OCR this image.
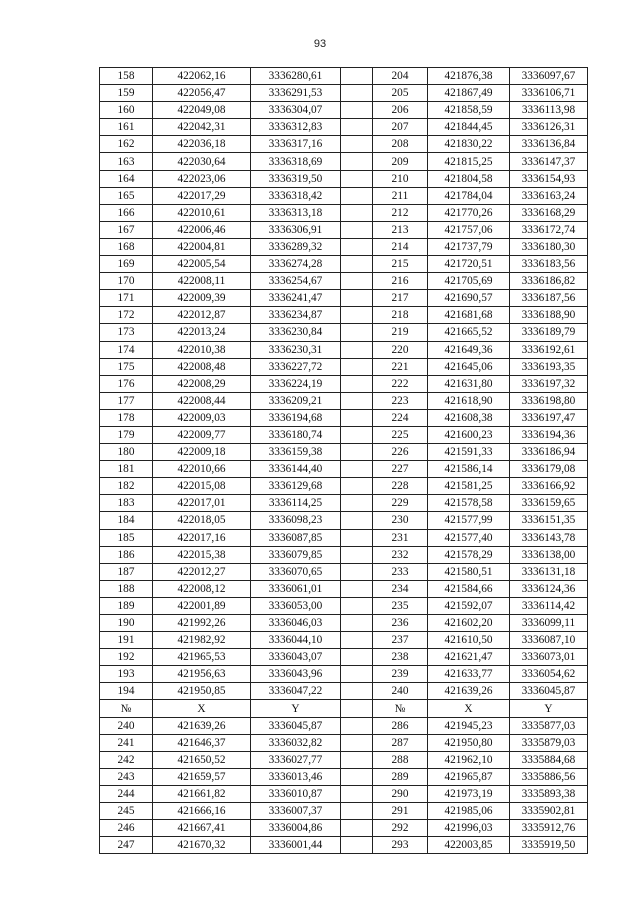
93
158	422062,16	3336280,61		204	421876,38	3336097,67
159	422056,47	3336291,53		205	421867,49	3336106,71
160	422049,08	3336304,07		206	421858,59	3336113,98
161	422042,31	3336312,83		207	421844,45	3336126,31
162	422036,18	3336317,16		208	421830,22	3336136,84
163	422030,64	3336318,69		209	421815,25	3336147,37
164	422023,06	3336319,50		210	421804,58	3336154,93
165	422017,29	3336318,42		211	421784,04	3336163,24
166	422010,61	3336313,18		212	421770,26	3336168,29
167	422006,46	3336306,91		213	421757,06	3336172,74
168	422004,81	3336289,32		214	421737,79	3336180,30
169	422005,54	3336274,28		215	421720,51	3336183,56
170	422008,11	3336254,67		216	421705,69	3336186,82
171	422009,39	3336241,47		217	421690,57	3336187,56
172	422012,87	3336234,87		218	421681,68	3336188,90
173	422013,24	3336230,84		219	421665,52	3336189,79
174	422010,38	3336230,31		220	421649,36	3336192,61
175	422008,48	3336227,72		221	421645,06	3336193,35
176	422008,29	3336224,19		222	421631,80	3336197,32
177	422008,44	3336209,21		223	421618,90	3336198,80
178	422009,03	3336194,68		224	421608,38	3336197,47
179	422009,77	3336180,74		225	421600,23	3336194,36
180	422009,18	3336159,38		226	421591,33	3336186,94
181	422010,66	3336144,40		227	421586,14	3336179,08
182	422015,08	3336129,68		228	421581,25	3336166,92
183	422017,01	3336114,25		229	421578,58	3336159,65
184	422018,05	3336098,23		230	421577,99	3336151,35
185	422017,16	3336087,85		231	421577,40	3336143,78
186	422015,38	3336079,85		232	421578,29	3336138,00
187	422012,27	3336070,65		233	421580,51	3336131,18
188	422008,12	3336061,01		234	421584,66	3336124,36
189	422001,89	3336053,00		235	421592,07	3336114,42
190	421992,26	3336046,03		236	421602,20	3336099,11
191	421982,92	3336044,10		237	421610,50	3336087,10
192	421965,53	3336043,07		238	421621,47	3336073,01
193	421956,63	3336043,96		239	421633,77	3336054,62
194	421950,85	3336047,22		240	421639,26	3336045,87
№	X	Y		№	X	Y
240	421639,26	3336045,87		286	421945,23	3335877,03
241	421646,37	3336032,82		287	421950,80	3335879,03
242	421650,52	3336027,77		288	421962,10	3335884,68
243	421659,57	3336013,46		289	421965,87	3335886,56
244	421661,82	3336010,87		290	421973,19	3335893,38
245	421666,16	3336007,37		291	421985,06	3335902,81
246	421667,41	3336004,86		292	421996,03	3335912,76
247	421670,32	3336001,44		293	422003,85	3335919,50
